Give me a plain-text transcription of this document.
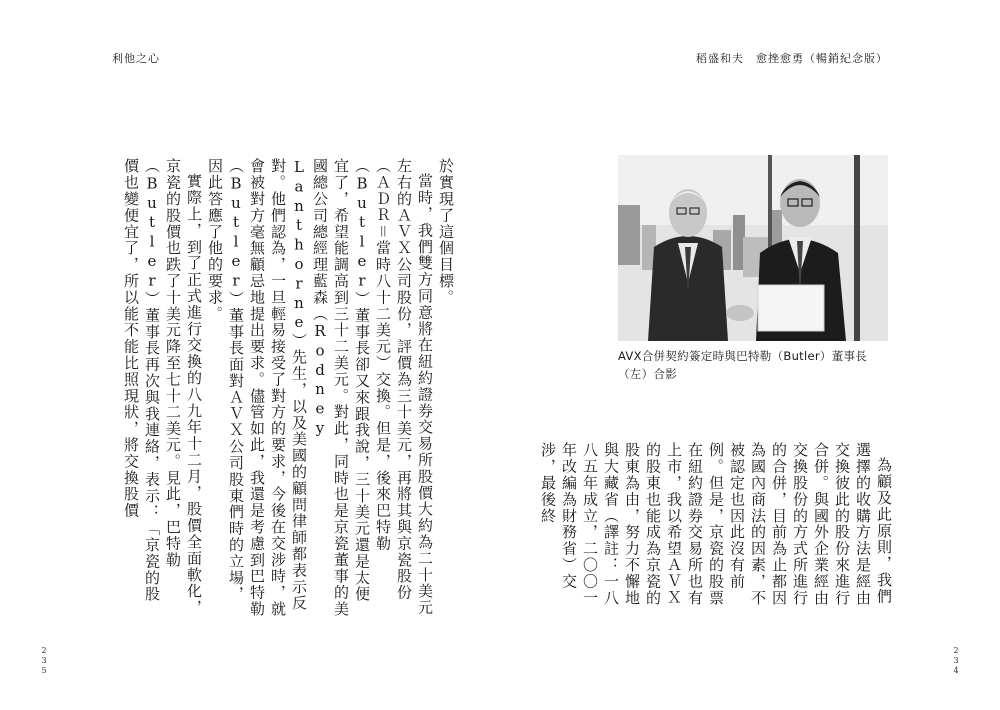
利他之心	稻盛和夫　愈挫愈勇（暢銷紀念版）

於實現了這個目標。

當時，我們雙方同意將在紐約證券交易所股價大約為二十美元左右的ＡＶＸ公司股份，評價為三十美元，再將其與京瓷股份（ＡＤＲ＝當時八十二美元）交換。但是，後來巴特勒（Butler）董事長卻又來跟我說，三十美元還是太便宜了，希望能調高到三十二美元。對此，同時也是京瓷董事的美國總公司總經理藍森（Rodney Lanthorne）先生，以及美國的顧問律師都表示反對。他們認為，一旦輕易接受了對方的要求，今後在交涉時，就會被對方毫無顧忌地提出要求。儘管如此，我還是考慮到巴特勒（Butler）董事長面對ＡＶＸ公司股東們時的立場，因此答應了他的要求。

實際上，到了正式進行交換的八九年十二月，股價全面軟化，京瓷的股價也跌了十美元降至七十二美元。見此，巴特勒（Butler）董事長再次與我連絡，表示：「京瓷的股價也變便宜了，所以能不能比照現狀，將交換股價	AVX合併契約簽定時與巴特勒（Butler）董事長（左）合影

為顧及此原則，我們選擇的收購方法是經由交換彼此的股份來進行合併。與國外企業經由交換股份的方式所進行的合併，目前為止都因為國內商法的因素，不被認定也因此沒有前例。但是，京瓷的股票在紐約證券交易所也有上市，我以希望ＡＶＸ的股東也能成為京瓷的股東為由，努力不懈地與大藏省（譯註：一八八五年成立，二〇〇一年改編為財務省）交涉，最後終

2
3
5
2
3
4
